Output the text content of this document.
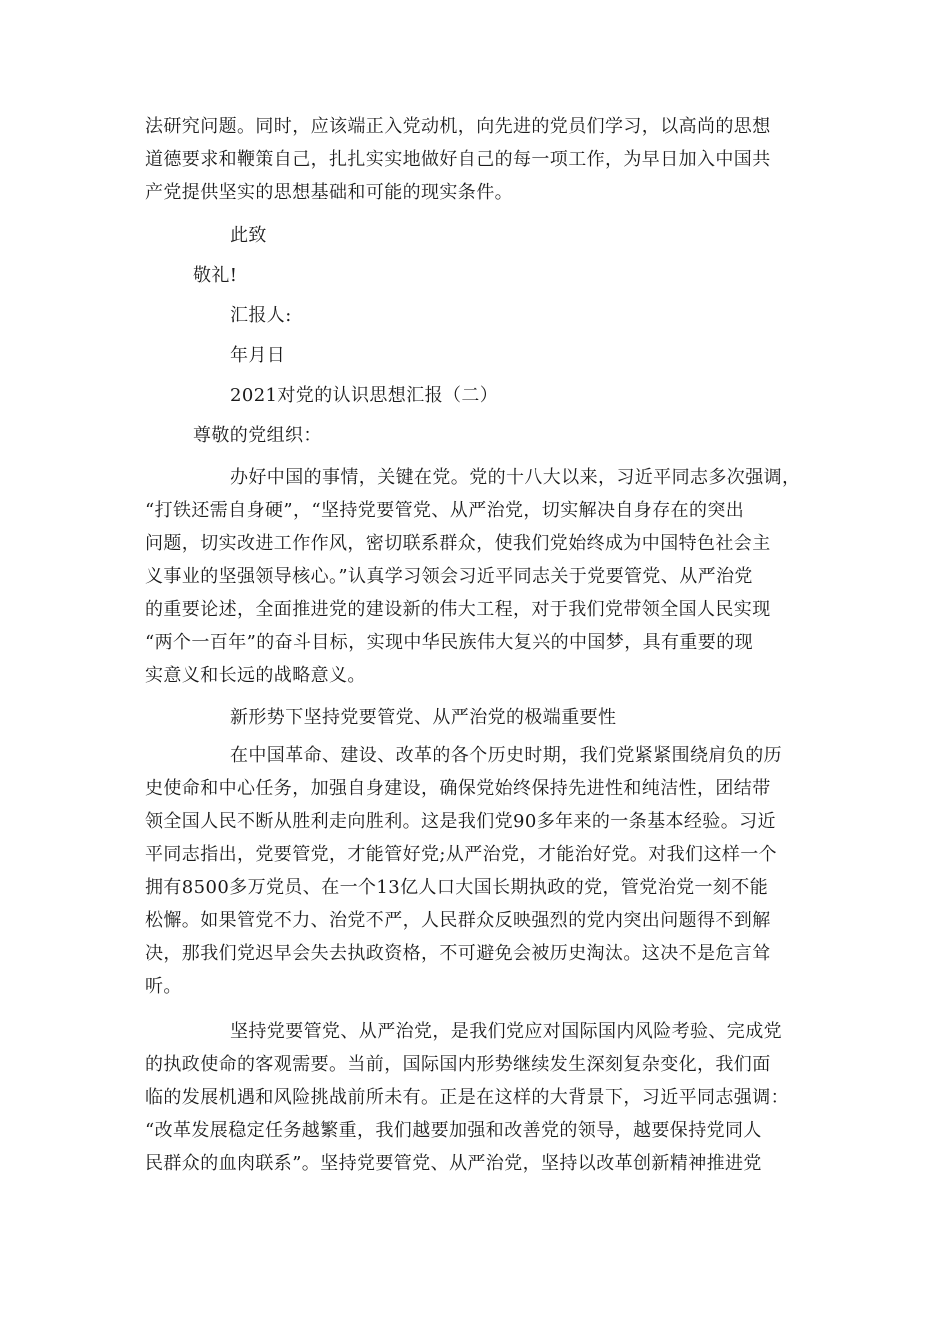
法研究问题。同时，应该端正入党动机，向先进的党员们学习，以高尚的思想
道德要求和鞭策自己，扎扎实实地做好自己的每一项工作，为早日加入中国共
产党提供坚实的思想基础和可能的现实条件。
此致
敬礼!
汇报人:
年月日
2021对党的认识思想汇报（二）
尊敬的党组织：
办好中国的事情，关键在党。党的十八大以来，习近平同志多次强调，
“打铁还需自身硬”，“坚持党要管党、从严治党，切实解决自身存在的突出
问题，切实改进工作作风，密切联系群众，使我们党始终成为中国特色社会主
义事业的坚强领导核心。”认真学习领会习近平同志关于党要管党、从严治党
的重要论述，全面推进党的建设新的伟大工程，对于我们党带领全国人民实现
“两个一百年”的奋斗目标，实现中华民族伟大复兴的中国梦，具有重要的现
实意义和长远的战略意义。
新形势下坚持党要管党、从严治党的极端重要性
在中国革命、建设、改革的各个历史时期，我们党紧紧围绕肩负的历
史使命和中心任务，加强自身建设，确保党始终保持先进性和纯洁性，团结带
领全国人民不断从胜利走向胜利。这是我们党90多年来的一条基本经验。习近
平同志指出，党要管党，才能管好党;从严治党，才能治好党。对我们这样一个
拥有8500多万党员、在一个13亿人口大国长期执政的党，管党治党一刻不能
松懈。如果管党不力、治党不严，人民群众反映强烈的党内突出问题得不到解
决，那我们党迟早会失去执政资格，不可避免会被历史淘汰。这决不是危言耸
听。
坚持党要管党、从严治党，是我们党应对国际国内风险考验、完成党
的执政使命的客观需要。当前，国际国内形势继续发生深刻复杂变化，我们面
临的发展机遇和风险挑战前所未有。正是在这样的大背景下，习近平同志强调：
“改革发展稳定任务越繁重，我们越要加强和改善党的领导，越要保持党同人
民群众的血肉联系”。坚持党要管党、从严治党，坚持以改革创新精神推进党
